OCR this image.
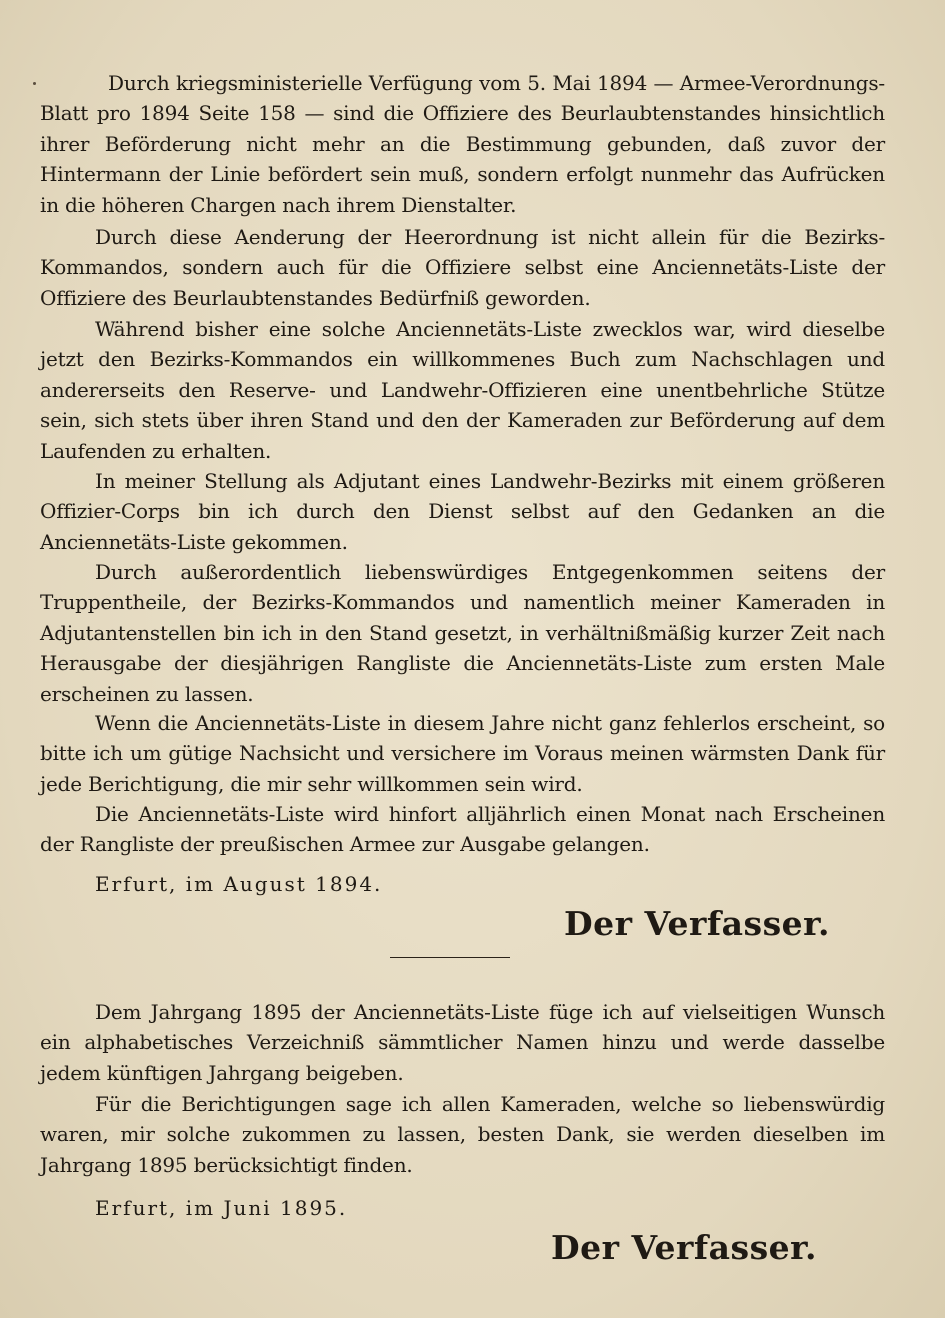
Durch kriegsministerielle Verfügung vom 5. Mai 1894 — Armee-Verordnungs-Blatt pro 1894 Seite 158 — sind die Offiziere des Beurlaubtenstandes hinsichtlich ihrer Beförderung nicht mehr an die Bestimmung gebunden, daß zuvor der Hintermann der Linie befördert sein muß, sondern erfolgt nunmehr das Aufrücken in die höheren Chargen nach ihrem Dienstalter.

Durch diese Aenderung der Heerordnung ist nicht allein für die Bezirks-Kommandos, sondern auch für die Offiziere selbst eine Anciennetäts-Liste der Offiziere des Beurlaubtenstandes Bedürfniß geworden.

Während bisher eine solche Anciennetäts-Liste zwecklos war, wird dieselbe jetzt den Bezirks-Kommandos ein willkommenes Buch zum Nachschlagen und andererseits den Reserve- und Landwehr-Offizieren eine unentbehrliche Stütze sein, sich stets über ihren Stand und den der Kameraden zur Beförderung auf dem Laufenden zu erhalten.

In meiner Stellung als Adjutant eines Landwehr-Bezirks mit einem größeren Offizier-Corps bin ich durch den Dienst selbst auf den Gedanken an die Anciennetäts-Liste gekommen.

Durch außerordentlich liebenswürdiges Entgegenkommen seitens der Truppentheile, der Bezirks-Kommandos und namentlich meiner Kameraden in Adjutantenstellen bin ich in den Stand gesetzt, in verhältnißmäßig kurzer Zeit nach Herausgabe der diesjährigen Rangliste die Anciennetäts-Liste zum ersten Male erscheinen zu lassen.

Wenn die Anciennetäts-Liste in diesem Jahre nicht ganz fehlerlos erscheint, so bitte ich um gütige Nachsicht und versichere im Voraus meinen wärmsten Dank für jede Berichtigung, die mir sehr willkommen sein wird.

Die Anciennetäts-Liste wird hinfort alljährlich einen Monat nach Erscheinen der Rangliste der preußischen Armee zur Ausgabe gelangen.

Erfurt, im August 1894.

Der Verfasser.

Dem Jahrgang 1895 der Anciennetäts-Liste füge ich auf vielseitigen Wunsch ein alphabetisches Verzeichniß sämmtlicher Namen hinzu und werde dasselbe jedem künftigen Jahrgang beigeben.

Für die Berichtigungen sage ich allen Kameraden, welche so liebenswürdig waren, mir solche zukommen zu lassen, besten Dank, sie werden dieselben im Jahrgang 1895 berücksichtigt finden.

Erfurt, im Juni 1895.

Der Verfasser.
